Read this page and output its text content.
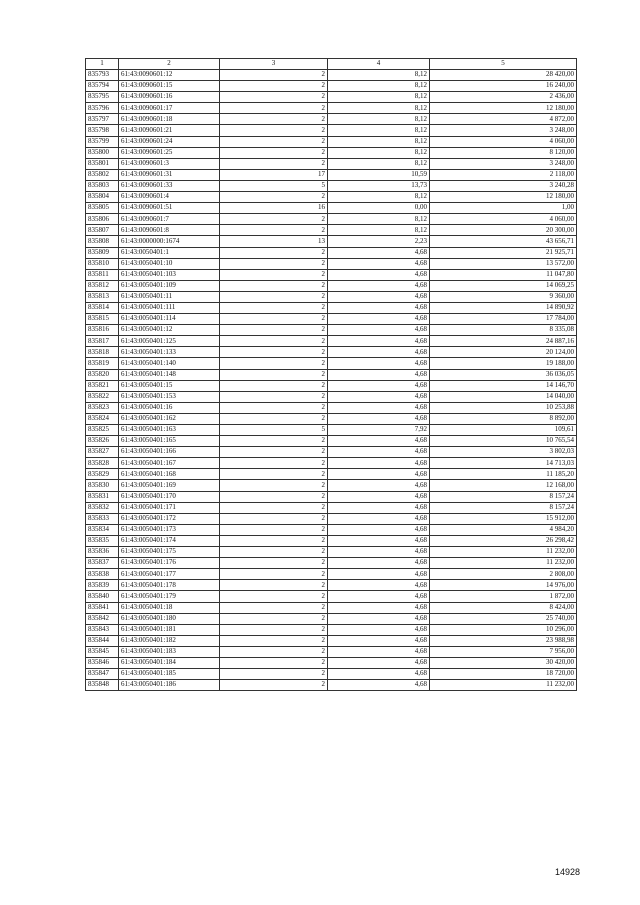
1	2	3	4	5
835793	61:43:0090601:12	2	8,12	28 420,00
835794	61:43:0090601:15	2	8,12	16 240,00
835795	61:43:0090601:16	2	8,12	2 436,00
835796	61:43:0090601:17	2	8,12	12 180,00
835797	61:43:0090601:18	2	8,12	4 872,00
835798	61:43:0090601:21	2	8,12	3 248,00
835799	61:43:0090601:24	2	8,12	4 060,00
835800	61:43:0090601:25	2	8,12	8 120,00
835801	61:43:0090601:3	2	8,12	3 248,00
835802	61:43:0090601:31	17	10,59	2 118,00
835803	61:43:0090601:33	5	13,73	3 240,28
835804	61:43:0090601:4	2	8,12	12 180,00
835805	61:43:0090601:51	16	0,00	1,00
835806	61:43:0090601:7	2	8,12	4 060,00
835807	61:43:0090601:8	2	8,12	20 300,00
835808	61:43:0000000:1674	13	2,23	43 656,71
835809	61:43:0050401:1	2	4,68	21 925,71
835810	61:43:0050401:10	2	4,68	13 572,00
835811	61:43:0050401:103	2	4,68	11 047,80
835812	61:43:0050401:109	2	4,68	14 069,25
835813	61:43:0050401:11	2	4,68	9 360,00
835814	61:43:0050401:111	2	4,68	14 890,92
835815	61:43:0050401:114	2	4,68	17 784,00
835816	61:43:0050401:12	2	4,68	8 335,08
835817	61:43:0050401:125	2	4,68	24 887,16
835818	61:43:0050401:133	2	4,68	20 124,00
835819	61:43:0050401:140	2	4,68	19 188,00
835820	61:43:0050401:148	2	4,68	36 036,05
835821	61:43:0050401:15	2	4,68	14 146,70
835822	61:43:0050401:153	2	4,68	14 040,00
835823	61:43:0050401:16	2	4,68	10 253,88
835824	61:43:0050401:162	2	4,68	8 892,00
835825	61:43:0050401:163	5	7,92	109,61
835826	61:43:0050401:165	2	4,68	10 765,54
835827	61:43:0050401:166	2	4,68	3 802,03
835828	61:43:0050401:167	2	4,68	14 713,03
835829	61:43:0050401:168	2	4,68	11 185,20
835830	61:43:0050401:169	2	4,68	12 168,00
835831	61:43:0050401:170	2	4,68	8 157,24
835832	61:43:0050401:171	2	4,68	8 157,24
835833	61:43:0050401:172	2	4,68	15 912,00
835834	61:43:0050401:173	2	4,68	4 984,20
835835	61:43:0050401:174	2	4,68	26 298,42
835836	61:43:0050401:175	2	4,68	11 232,00
835837	61:43:0050401:176	2	4,68	11 232,00
835838	61:43:0050401:177	2	4,68	2 808,00
835839	61:43:0050401:178	2	4,68	14 976,00
835840	61:43:0050401:179	2	4,68	1 872,00
835841	61:43:0050401:18	2	4,68	8 424,00
835842	61:43:0050401:180	2	4,68	25 740,00
835843	61:43:0050401:181	2	4,68	10 296,00
835844	61:43:0050401:182	2	4,68	23 988,98
835845	61:43:0050401:183	2	4,68	7 956,00
835846	61:43:0050401:184	2	4,68	30 420,00
835847	61:43:0050401:185	2	4,68	18 720,00
835848	61:43:0050401:186	2	4,68	11 232,00
14928
